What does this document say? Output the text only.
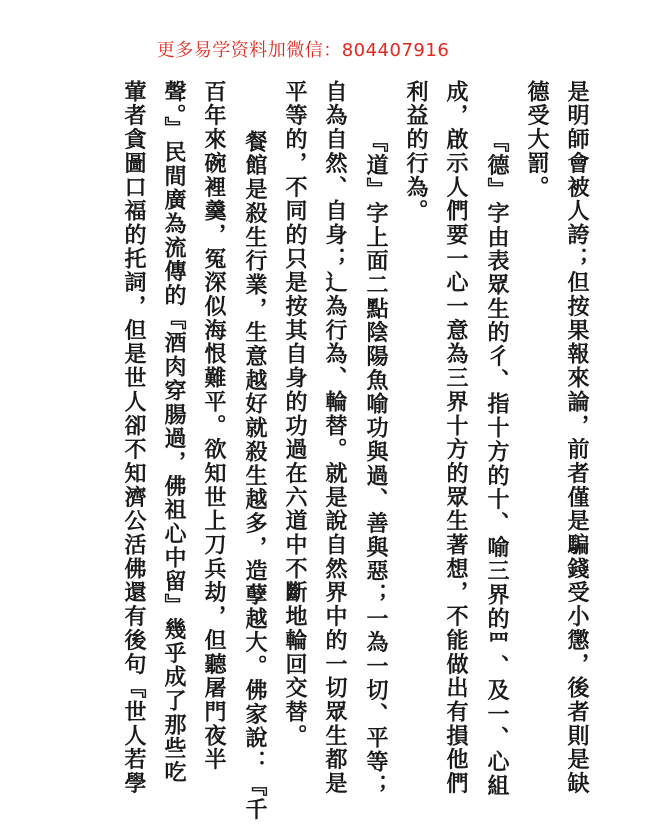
更多易学资料加微信：804407916
是明師會被人誇；但按果報來論，前者僅是騙錢受小懲，後者則是缺
德受大罰。
『德』字由表眾生的彳、指十方的十、喻三界的罒、及一、心組
成，啟示人們要一心一意為三界十方的眾生著想，不能做出有損他們
利益的行為。
『道』字上面二點陰陽魚喻功與過、善與惡；一為一切、平等；
自為自然、自身；辶為行為、輪替。就是說自然界中的一切眾生都是
平等的，不同的只是按其自身的功過在六道中不斷地輪回交替。
餐館是殺生行業，生意越好就殺生越多，造孽越大。佛家說：『千
百年來碗裡羹，冤深似海恨難平。欲知世上刀兵劫，但聽屠門夜半
聲。』民間廣為流傳的『酒肉穿腸過，佛祖心中留』幾乎成了那些吃
葷者貪圖口福的托詞，但是世人卻不知濟公活佛還有後句『世人若學
